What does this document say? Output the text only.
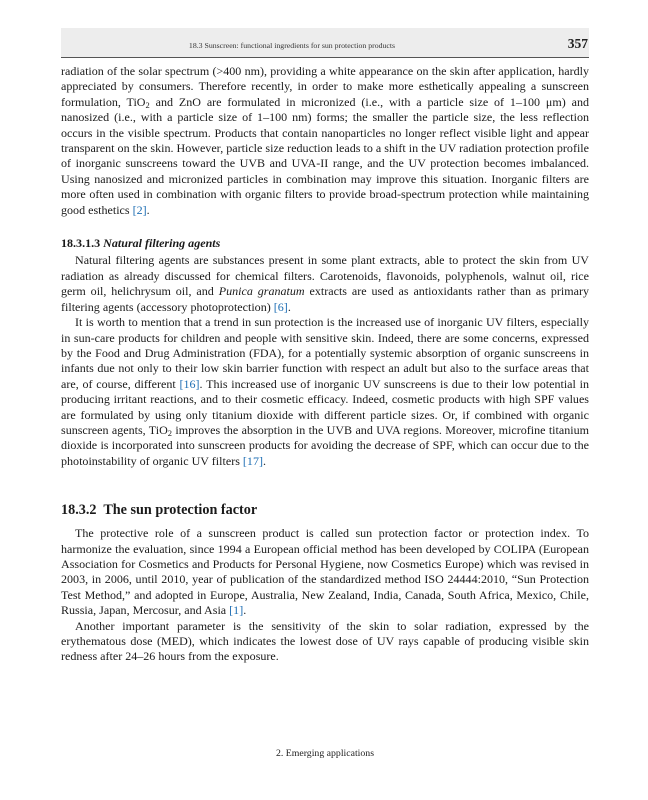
18.3 Sunscreen: functional ingredients for sun protection products	357

radiation of the solar spectrum (>400 nm), providing a white appearance on the skin after application, hardly appreciated by consumers. Therefore recently, in order to make more esthetically appealing a sunscreen formulation, TiO$_2$ and ZnO are formulated in micronized (i.e., with a particle size of 1–100 μm) and nanosized (i.e., with a particle size of 1–100 nm) forms; the smaller the particle size, the less reflection occurs in the visible spectrum. Products that contain nanoparticles no longer reflect visible light and appear transparent on the skin. However, particle size reduction leads to a shift in the UV radiation protection profile of inorganic sunscreens toward the UVB and UVA-II range, and the UV protection becomes imbalanced. Using nanosized and micronized particles in combination may improve this situation. Inorganic filters are more often used in combination with organic filters to provide broad-spectrum protection while maintaining good esthetics [2].

18.3.1.3 Natural filtering agents

Natural filtering agents are substances present in some plant extracts, able to protect the skin from UV radiation as already discussed for chemical filters. Carotenoids, flavonoids, polyphenols, walnut oil, rice germ oil, helichrysum oil, and Punica granatum extracts are used as antioxidants rather than as primary filtering agents (accessory photoprotection) [6].

It is worth to mention that a trend in sun protection is the increased use of inorganic UV filters, especially in sun-care products for children and people with sensitive skin. Indeed, there are some concerns, expressed by the Food and Drug Administration (FDA), for a potentially systemic absorption of organic sunscreens in infants due not only to their low skin barrier function with respect an adult but also to the surface areas that are, of course, different [16]. This increased use of inorganic UV sunscreens is due to their low potential in producing irritant reactions, and to their cosmetic efficacy. Indeed, cosmetic products with high SPF values are formulated by using only titanium dioxide with different particle sizes. Or, if combined with organic sunscreen agents, TiO$_2$ improves the absorption in the UVB and UVA regions. Moreover, microfine titanium dioxide is incorporated into sunscreen products for avoiding the decrease of SPF, which can occur due to the photoinstability of organic UV filters [17].

18.3.2 The sun protection factor

The protective role of a sunscreen product is called sun protection factor or protection index. To harmonize the evaluation, since 1994 a European official method has been developed by COLIPA (European Association for Cosmetics and Products for Personal Hygiene, now Cosmetics Europe) which was revised in 2003, in 2006, until 2010, year of publication of the standardized method ISO 24444:2010, “Sun Protection Test Method,” and adopted in Europe, Australia, New Zealand, India, Canada, South Africa, Mexico, Chile, Russia, Japan, Mercosur, and Asia [1].

Another important parameter is the sensitivity of the skin to solar radiation, expressed by the erythematous dose (MED), which indicates the lowest dose of UV rays capable of producing visible skin redness after 24–26 hours from the exposure.

2. Emerging applications
